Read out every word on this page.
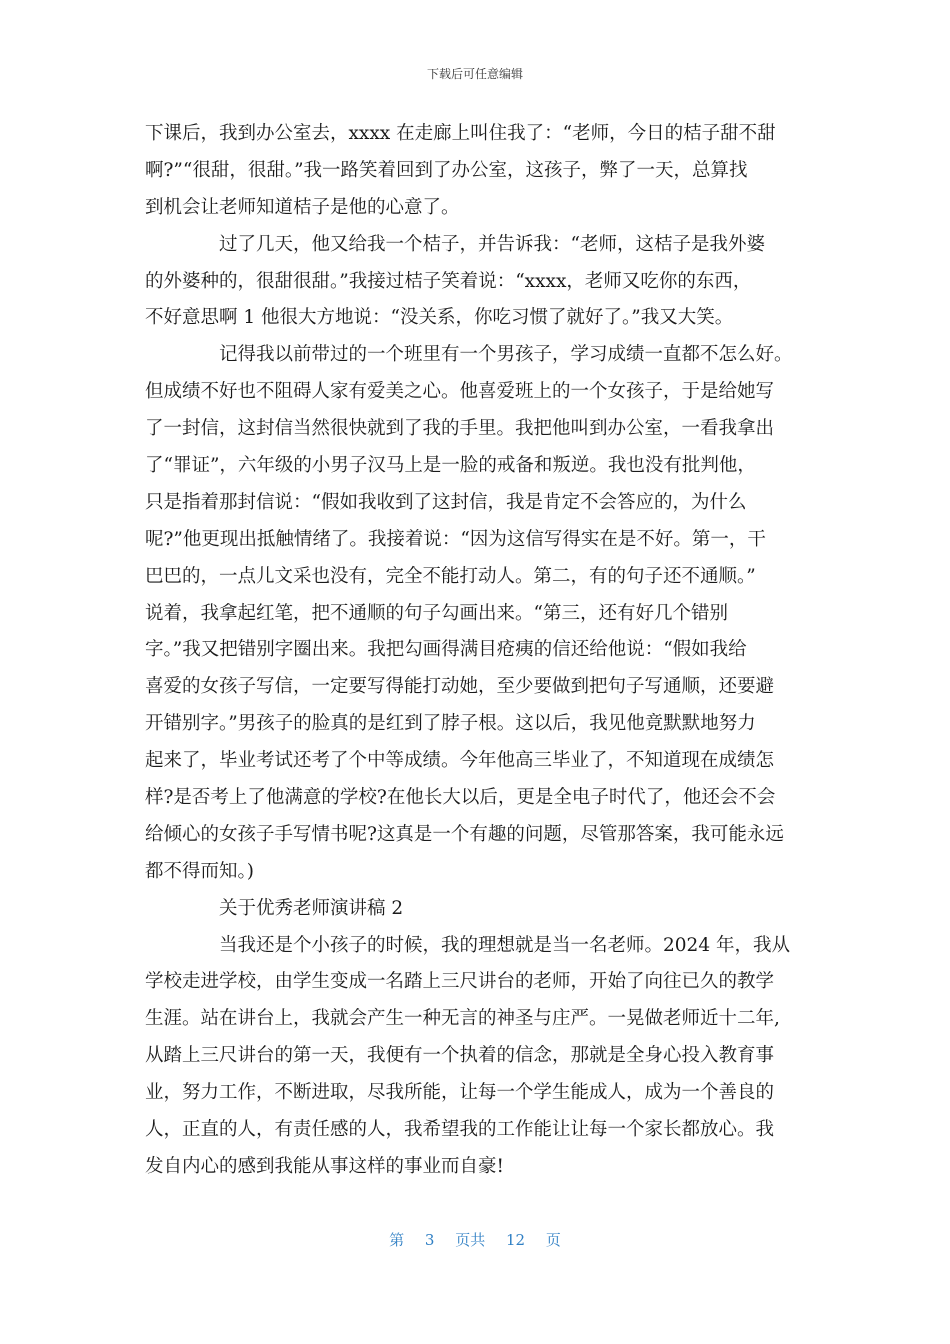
下载后可任意编辑
下课后，我到办公室去，xxxx 在走廊上叫住我了：“老师，今日的桔子甜不甜
啊?”“很甜，很甜。”我一路笑着回到了办公室，这孩子，弊了一天，总算找
到机会让老师知道桔子是他的心意了。
过了几天，他又给我一个桔子，并告诉我：“老师，这桔子是我外婆
的外婆种的，很甜很甜。”我接过桔子笑着说：“xxxx，老师又吃你的东西，
不好意思啊 1 他很大方地说：“没关系，你吃习惯了就好了。”我又大笑。
记得我以前带过的一个班里有一个男孩子，学习成绩一直都不怎么好。
但成绩不好也不阻碍人家有爱美之心。他喜爱班上的一个女孩子，于是给她写
了一封信，这封信当然很快就到了我的手里。我把他叫到办公室，一看我拿出
了“罪证”，六年级的小男子汉马上是一脸的戒备和叛逆。我也没有批判他，
只是指着那封信说：“假如我收到了这封信，我是肯定不会答应的，为什么
呢?”他更现出抵触情绪了。我接着说：“因为这信写得实在是不好。第一，干
巴巴的，一点儿文采也没有，完全不能打动人。第二，有的句子还不通顺。”
说着，我拿起红笔，把不通顺的句子勾画出来。“第三，还有好几个错别
字。”我又把错别字圈出来。我把勾画得满目疮痍的信还给他说：“假如我给
喜爱的女孩子写信，一定要写得能打动她，至少要做到把句子写通顺，还要避
开错别字。”男孩子的脸真的是红到了脖子根。这以后，我见他竟默默地努力
起来了，毕业考试还考了个中等成绩。今年他高三毕业了，不知道现在成绩怎
样?是否考上了他满意的学校?在他长大以后，更是全电子时代了，他还会不会
给倾心的女孩子手写情书呢?这真是一个有趣的问题，尽管那答案，我可能永远
都不得而知。)
关于优秀老师演讲稿 2
当我还是个小孩子的时候，我的理想就是当一名老师。2024 年，我从
学校走进学校，由学生变成一名踏上三尺讲台的老师，开始了向往已久的教学
生涯。站在讲台上，我就会产生一种无言的神圣与庄严。一晃做老师近十二年,
从踏上三尺讲台的第一天，我便有一个执着的信念，那就是全身心投入教育事
业，努力工作，不断进取，尽我所能，让每一个学生能成人，成为一个善良的
人，正直的人，有责任感的人，我希望我的工作能让让每一个家长都放心。我
发自内心的感到我能从事这样的事业而自豪!
第 3 页共 12 页
